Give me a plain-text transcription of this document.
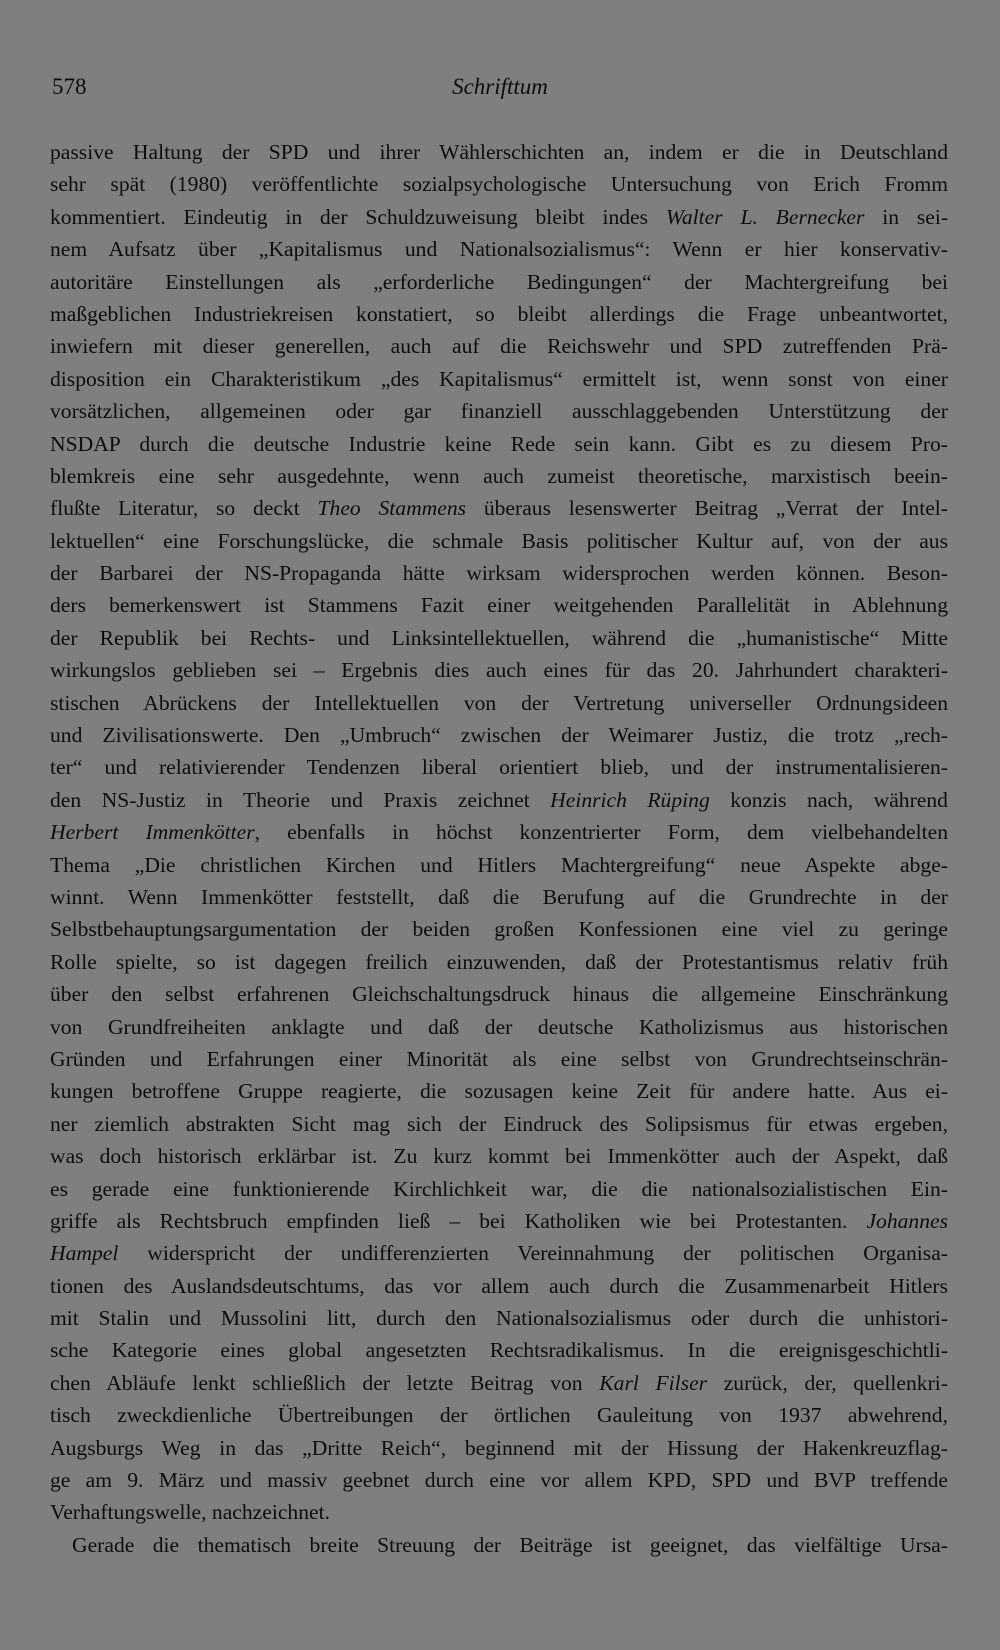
578	Schrifttum
passive Haltung der SPD und ihrer Wählerschichten an, indem er die in Deutschland
sehr spät (1980) veröffentlichte sozialpsychologische Untersuchung von Erich Fromm
kommentiert. Eindeutig in der Schuldzuweisung bleibt indes Walter L. Bernecker in sei-
nem Aufsatz über „Kapitalismus und Nationalsozialismus“: Wenn er hier konservativ-
autoritäre Einstellungen als „erforderliche Bedingungen“ der Machtergreifung bei
maßgeblichen Industriekreisen konstatiert, so bleibt allerdings die Frage unbeantwortet,
inwiefern mit dieser generellen, auch auf die Reichswehr und SPD zutreffenden Prä-
disposition ein Charakteristikum „des Kapitalismus“ ermittelt ist, wenn sonst von einer
vorsätzlichen, allgemeinen oder gar finanziell ausschlaggebenden Unterstützung der
NSDAP durch die deutsche Industrie keine Rede sein kann. Gibt es zu diesem Pro-
blemkreis eine sehr ausgedehnte, wenn auch zumeist theoretische, marxistisch beein-
flußte Literatur, so deckt Theo Stammens überaus lesenswerter Beitrag „Verrat der Intel-
lektuellen“ eine Forschungslücke, die schmale Basis politischer Kultur auf, von der aus
der Barbarei der NS-Propaganda hätte wirksam widersprochen werden können. Beson-
ders bemerkenswert ist Stammens Fazit einer weitgehenden Parallelität in Ablehnung
der Republik bei Rechts- und Linksintellektuellen, während die „humanistische“ Mitte
wirkungslos geblieben sei – Ergebnis dies auch eines für das 20. Jahrhundert charakteri-
stischen Abrückens der Intellektuellen von der Vertretung universeller Ordnungsideen
und Zivilisationswerte. Den „Umbruch“ zwischen der Weimarer Justiz, die trotz „rech-
ter“ und relativierender Tendenzen liberal orientiert blieb, und der instrumentalisieren-
den NS-Justiz in Theorie und Praxis zeichnet Heinrich Rüping konzis nach, während
Herbert Immenkötter, ebenfalls in höchst konzentrierter Form, dem vielbehandelten
Thema „Die christlichen Kirchen und Hitlers Machtergreifung“ neue Aspekte abge-
winnt. Wenn Immenkötter feststellt, daß die Berufung auf die Grundrechte in der
Selbstbehauptungsargumentation der beiden großen Konfessionen eine viel zu geringe
Rolle spielte, so ist dagegen freilich einzuwenden, daß der Protestantismus relativ früh
über den selbst erfahrenen Gleichschaltungsdruck hinaus die allgemeine Einschränkung
von Grundfreiheiten anklagte und daß der deutsche Katholizismus aus historischen
Gründen und Erfahrungen einer Minorität als eine selbst von Grundrechtseinschrän-
kungen betroffene Gruppe reagierte, die sozusagen keine Zeit für andere hatte. Aus ei-
ner ziemlich abstrakten Sicht mag sich der Eindruck des Solipsismus für etwas ergeben,
was doch historisch erklärbar ist. Zu kurz kommt bei Immenkötter auch der Aspekt, daß
es gerade eine funktionierende Kirchlichkeit war, die die nationalsozialistischen Ein-
griffe als Rechtsbruch empfinden ließ – bei Katholiken wie bei Protestanten. Johannes
Hampel widerspricht der undifferenzierten Vereinnahmung der politischen Organisa-
tionen des Auslandsdeutschtums, das vor allem auch durch die Zusammenarbeit Hitlers
mit Stalin und Mussolini litt, durch den Nationalsozialismus oder durch die unhistori-
sche Kategorie eines global angesetzten Rechtsradikalismus. In die ereignisgeschichtli-
chen Abläufe lenkt schließlich der letzte Beitrag von Karl Filser zurück, der, quellenkri-
tisch zweckdienliche Übertreibungen der örtlichen Gauleitung von 1937 abwehrend,
Augsburgs Weg in das „Dritte Reich“, beginnend mit der Hissung der Hakenkreuzflag-
ge am 9. März und massiv geebnet durch eine vor allem KPD, SPD und BVP treffende
Verhaftungswelle, nachzeichnet.
Gerade die thematisch breite Streuung der Beiträge ist geeignet, das vielfältige Ursa-
